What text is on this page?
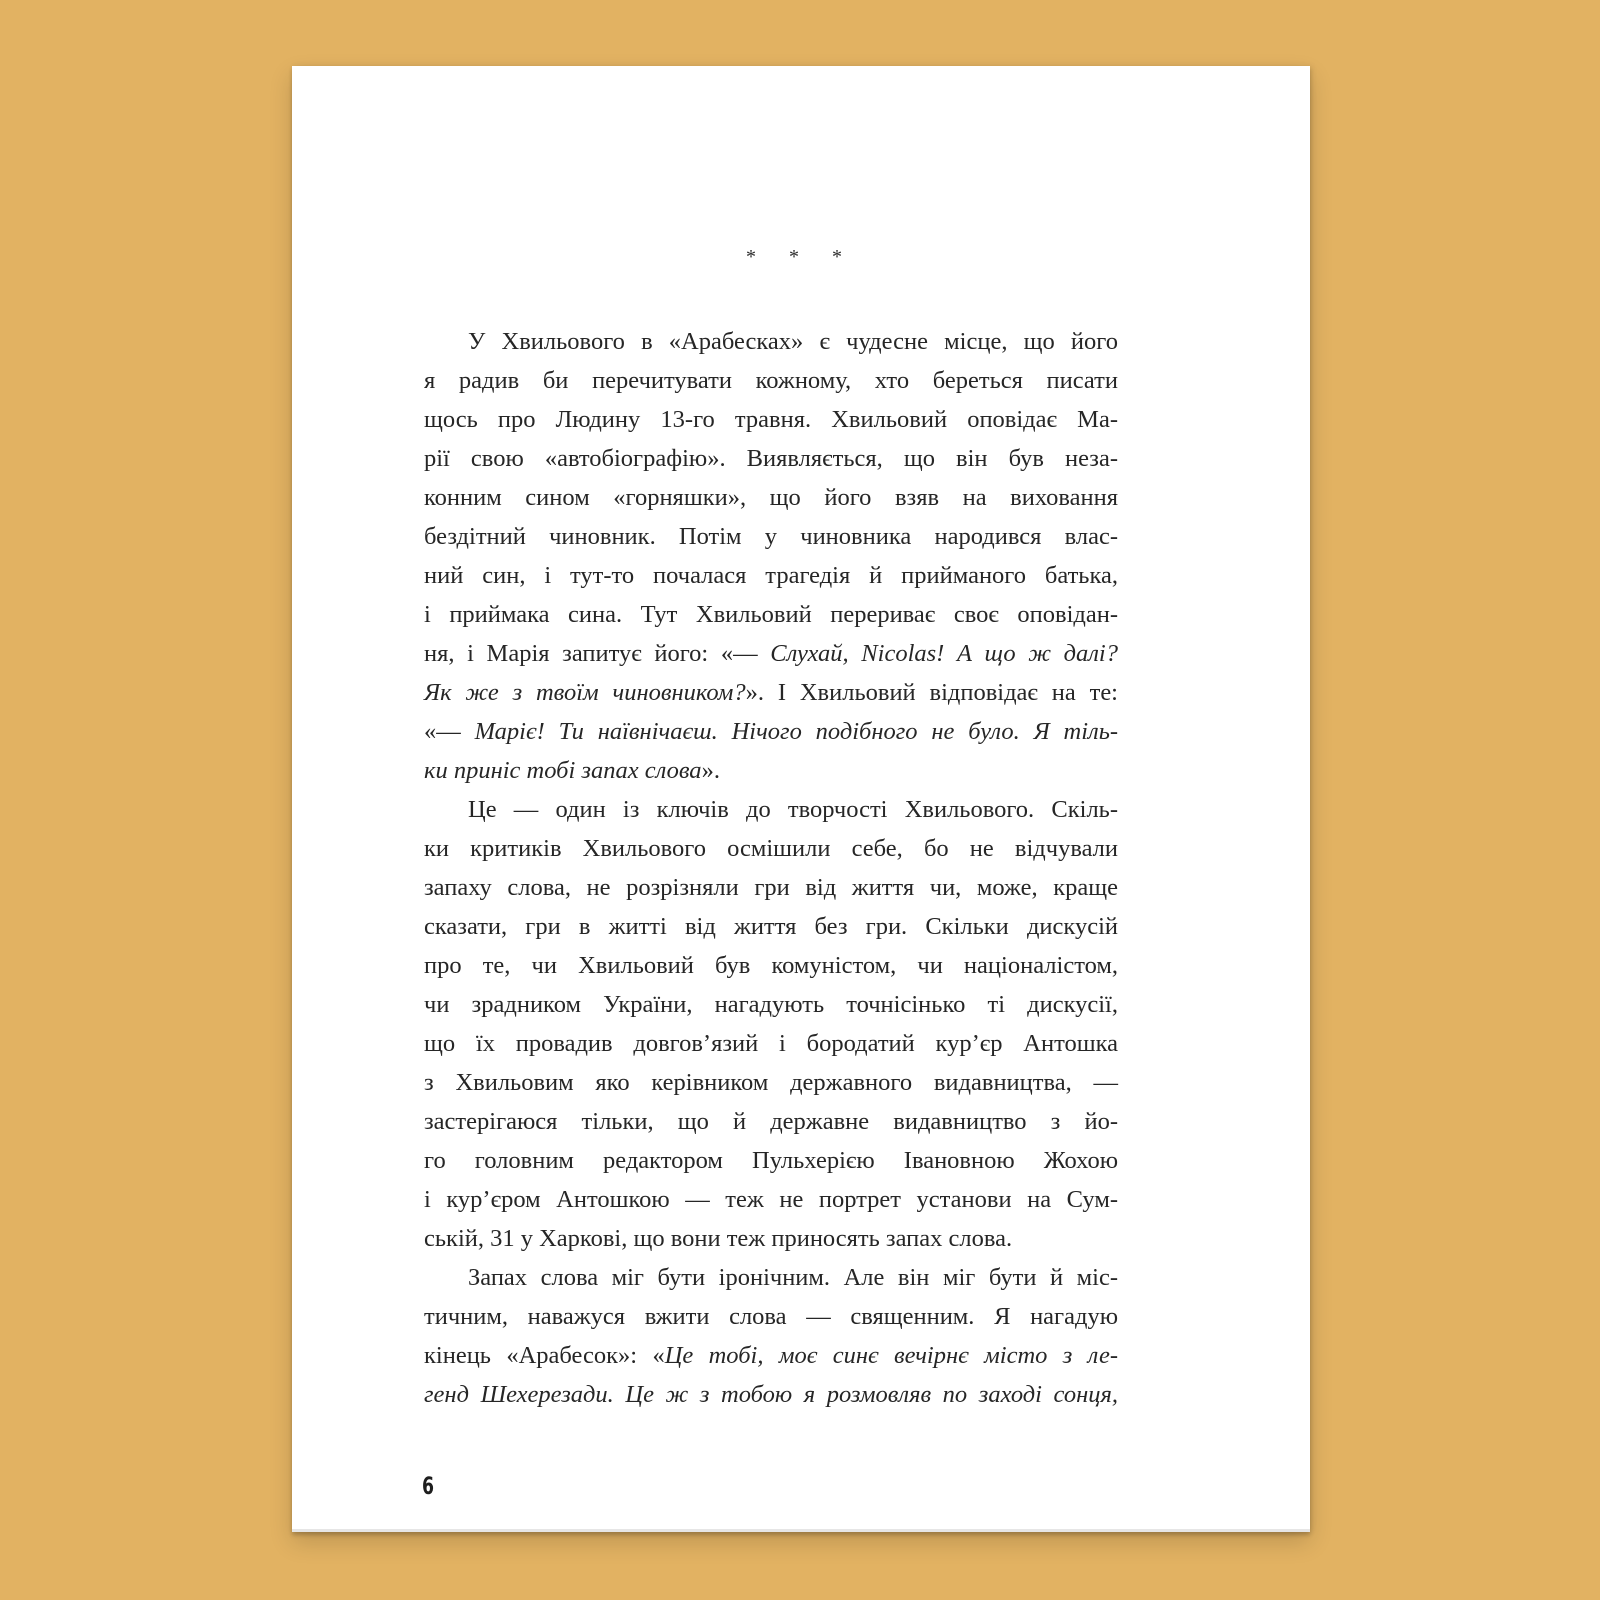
* * *
У Хвильового в «Арабесках» є чудесне місце, що його
я радив би перечитувати кожному, хто береться писати
щось про Людину 13-го травня. Хвильовий оповідає Ма-
рії свою «автобіографію». Виявляється, що він був неза-
конним сином «горняшки», що його взяв на виховання
бездітний чиновник. Потім у чиновника народився влас-
ний син, і тут-то почалася трагедія й прийманого батька,
і приймака сина. Тут Хвильовий перериває своє оповідан-
ня, і Марія запитує його: «— Слухай, Nicolas! А що ж далі?
Як же з твоїм чиновником?». І Хвильовий відповідає на те:
«— Марiє! Ти наївнічаєш. Нічого подібного не було. Я тіль-
ки приніс тобі запах слова».
Це — один із ключів до творчості Хвильового. Скіль-
ки критиків Хвильового осмішили себе, бо не відчували
запаху слова, не розрізняли гри від життя чи, може, краще
сказати, гри в житті від життя без гри. Скільки дискусій
про те, чи Хвильовий був комуністом, чи націоналістом,
чи зрадником України, нагадують точнісінько ті дискусії,
що їх провадив довгов’язий і бородатий кур’єр Антошка
з Хвильовим яко керівником державного видавництва, —
застерігаюся тільки, що й державне видавництво з йо-
го головним редактором Пульхерією Івановною Жохою
і кур’єром Антошкою — теж не портрет установи на Сум-
ській, 31 у Харкові, що вони теж приносять запах слова.
Запах слова міг бути іронічним. Але він міг бути й міс-
тичним, наважуся вжити слова — священним. Я нагадую
кінець «Арабесок»: «Це тобі, моє синє вечірнє місто з ле-
генд Шехерезади. Це ж з тобою я розмовляв по заході сонця,
6
